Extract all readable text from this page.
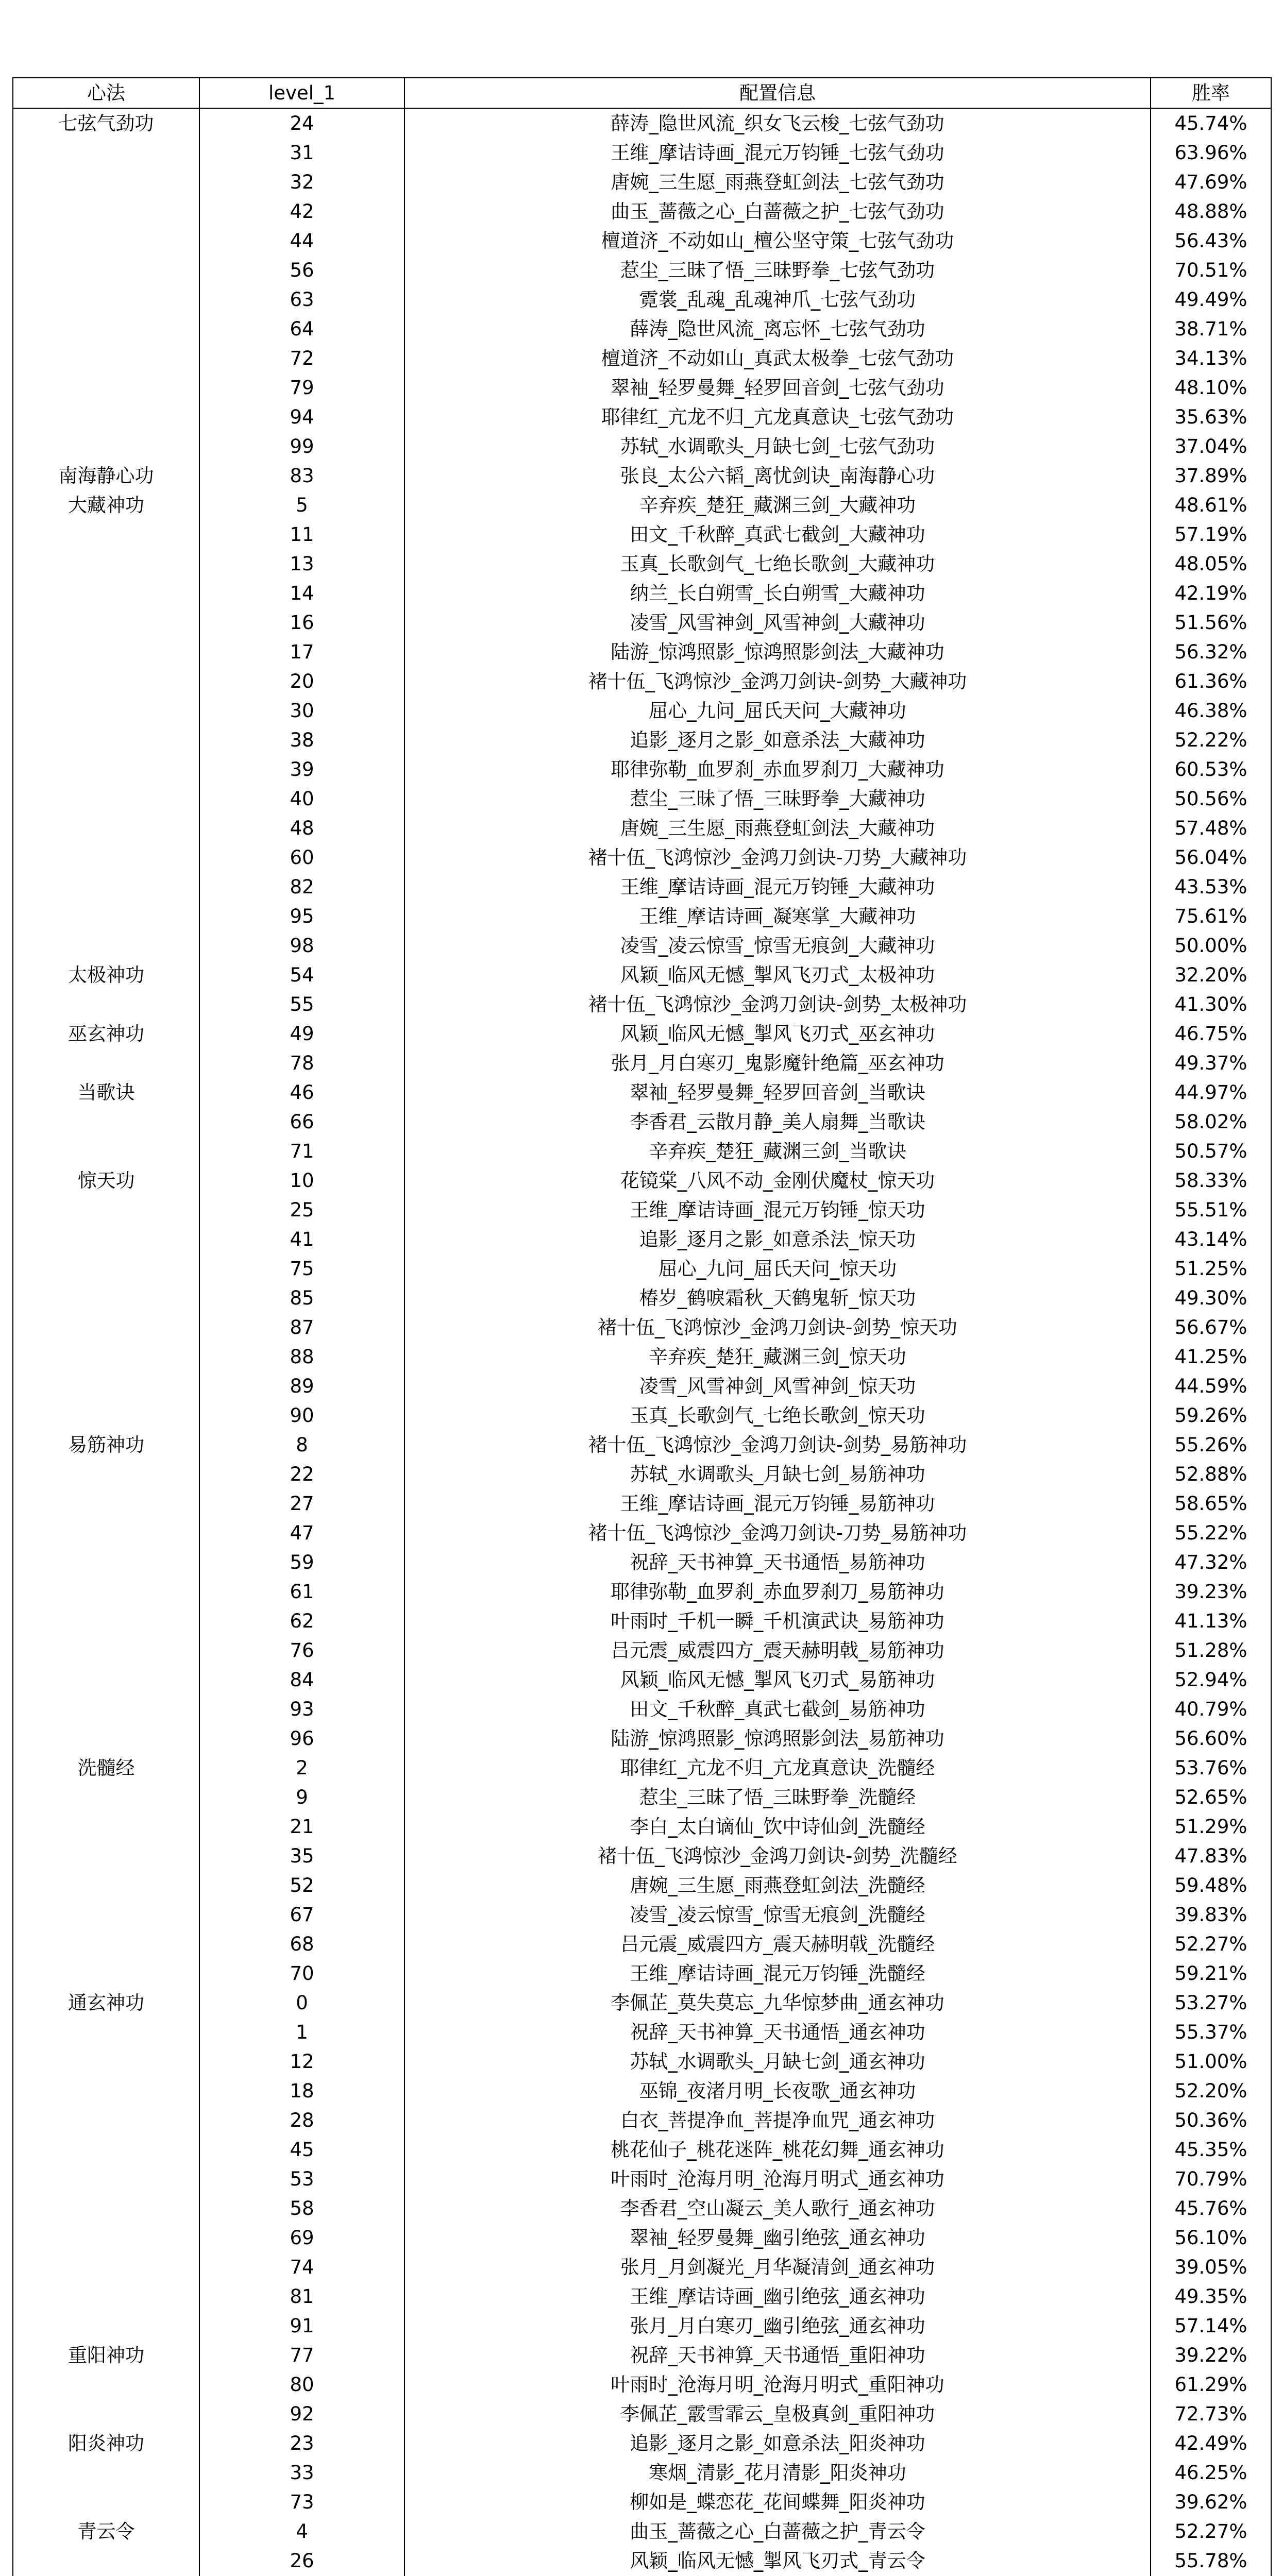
心法	level_1	配置信息	胜率
七弦气劲功	24	薛涛_隐世风流_织女飞云梭_七弦气劲功	45.74%
	31	王维_摩诘诗画_混元万钧锤_七弦气劲功	63.96%
	32	唐婉_三生愿_雨燕登虹剑法_七弦气劲功	47.69%
	42	曲玉_蔷薇之心_白蔷薇之护_七弦气劲功	48.88%
	44	檀道济_不动如山_檀公坚守策_七弦气劲功	56.43%
	56	惹尘_三昧了悟_三昧野拳_七弦气劲功	70.51%
	63	霓裳_乱魂_乱魂神爪_七弦气劲功	49.49%
	64	薛涛_隐世风流_离忘怀_七弦气劲功	38.71%
	72	檀道济_不动如山_真武太极拳_七弦气劲功	34.13%
	79	翠袖_轻罗曼舞_轻罗回音剑_七弦气劲功	48.10%
	94	耶律红_亢龙不归_亢龙真意诀_七弦气劲功	35.63%
	99	苏轼_水调歌头_月缺七剑_七弦气劲功	37.04%
南海静心功	83	张良_太公六韬_离忧剑诀_南海静心功	37.89%
大藏神功	5	辛弃疾_楚狂_藏渊三剑_大藏神功	48.61%
	11	田文_千秋醉_真武七截剑_大藏神功	57.19%
	13	玉真_长歌剑气_七绝长歌剑_大藏神功	48.05%
	14	纳兰_长白朔雪_长白朔雪_大藏神功	42.19%
	16	凌雪_风雪神剑_风雪神剑_大藏神功	51.56%
	17	陆游_惊鸿照影_惊鸿照影剑法_大藏神功	56.32%
	20	褚十伍_飞鸿惊沙_金鸿刀剑诀-剑势_大藏神功	61.36%
	30	屈心_九问_屈氏天问_大藏神功	46.38%
	38	追影_逐月之影_如意杀法_大藏神功	52.22%
	39	耶律弥勒_血罗刹_赤血罗刹刀_大藏神功	60.53%
	40	惹尘_三昧了悟_三昧野拳_大藏神功	50.56%
	48	唐婉_三生愿_雨燕登虹剑法_大藏神功	57.48%
	60	褚十伍_飞鸿惊沙_金鸿刀剑诀-刀势_大藏神功	56.04%
	82	王维_摩诘诗画_混元万钧锤_大藏神功	43.53%
	95	王维_摩诘诗画_凝寒掌_大藏神功	75.61%
	98	凌雪_凌云惊雪_惊雪无痕剑_大藏神功	50.00%
太极神功	54	风颖_临风无憾_掣风飞刃式_太极神功	32.20%
	55	褚十伍_飞鸿惊沙_金鸿刀剑诀-剑势_太极神功	41.30%
巫玄神功	49	风颖_临风无憾_掣风飞刃式_巫玄神功	46.75%
	78	张月_月白寒刃_鬼影魔针绝篇_巫玄神功	49.37%
当歌诀	46	翠袖_轻罗曼舞_轻罗回音剑_当歌诀	44.97%
	66	李香君_云散月静_美人扇舞_当歌诀	58.02%
	71	辛弃疾_楚狂_藏渊三剑_当歌诀	50.57%
惊天功	10	花镜棠_八风不动_金刚伏魔杖_惊天功	58.33%
	25	王维_摩诘诗画_混元万钧锤_惊天功	55.51%
	41	追影_逐月之影_如意杀法_惊天功	43.14%
	75	屈心_九问_屈氏天问_惊天功	51.25%
	85	椿岁_鹤唳霜秋_天鹤鬼斩_惊天功	49.30%
	87	褚十伍_飞鸿惊沙_金鸿刀剑诀-剑势_惊天功	56.67%
	88	辛弃疾_楚狂_藏渊三剑_惊天功	41.25%
	89	凌雪_风雪神剑_风雪神剑_惊天功	44.59%
	90	玉真_长歌剑气_七绝长歌剑_惊天功	59.26%
易筋神功	8	褚十伍_飞鸿惊沙_金鸿刀剑诀-剑势_易筋神功	55.26%
	22	苏轼_水调歌头_月缺七剑_易筋神功	52.88%
	27	王维_摩诘诗画_混元万钧锤_易筋神功	58.65%
	47	褚十伍_飞鸿惊沙_金鸿刀剑诀-刀势_易筋神功	55.22%
	59	祝辞_天书神算_天书通悟_易筋神功	47.32%
	61	耶律弥勒_血罗刹_赤血罗刹刀_易筋神功	39.23%
	62	叶雨时_千机一瞬_千机演武诀_易筋神功	41.13%
	76	吕元震_威震四方_震天赫明戟_易筋神功	51.28%
	84	风颖_临风无憾_掣风飞刃式_易筋神功	52.94%
	93	田文_千秋醉_真武七截剑_易筋神功	40.79%
	96	陆游_惊鸿照影_惊鸿照影剑法_易筋神功	56.60%
洗髓经	2	耶律红_亢龙不归_亢龙真意诀_洗髓经	53.76%
	9	惹尘_三昧了悟_三昧野拳_洗髓经	52.65%
	21	李白_太白谪仙_饮中诗仙剑_洗髓经	51.29%
	35	褚十伍_飞鸿惊沙_金鸿刀剑诀-剑势_洗髓经	47.83%
	52	唐婉_三生愿_雨燕登虹剑法_洗髓经	59.48%
	67	凌雪_凌云惊雪_惊雪无痕剑_洗髓经	39.83%
	68	吕元震_威震四方_震天赫明戟_洗髓经	52.27%
	70	王维_摩诘诗画_混元万钧锤_洗髓经	59.21%
通玄神功	0	李佩芷_莫失莫忘_九华惊梦曲_通玄神功	53.27%
	1	祝辞_天书神算_天书通悟_通玄神功	55.37%
	12	苏轼_水调歌头_月缺七剑_通玄神功	51.00%
	18	巫锦_夜渚月明_长夜歌_通玄神功	52.20%
	28	白衣_菩提净血_菩提净血咒_通玄神功	50.36%
	45	桃花仙子_桃花迷阵_桃花幻舞_通玄神功	45.35%
	53	叶雨时_沧海月明_沧海月明式_通玄神功	70.79%
	58	李香君_空山凝云_美人歌行_通玄神功	45.76%
	69	翠袖_轻罗曼舞_幽引绝弦_通玄神功	56.10%
	74	张月_月剑凝光_月华凝清剑_通玄神功	39.05%
	81	王维_摩诘诗画_幽引绝弦_通玄神功	49.35%
	91	张月_月白寒刃_幽引绝弦_通玄神功	57.14%
重阳神功	77	祝辞_天书神算_天书通悟_重阳神功	39.22%
	80	叶雨时_沧海月明_沧海月明式_重阳神功	61.29%
	92	李佩芷_霰雪霏云_皇极真剑_重阳神功	72.73%
阳炎神功	23	追影_逐月之影_如意杀法_阳炎神功	42.49%
	33	寒烟_清影_花月清影_阳炎神功	46.25%
	73	柳如是_蝶恋花_花间蝶舞_阳炎神功	39.62%
青云令	4	曲玉_蔷薇之心_白蔷薇之护_青云令	52.27%
	26	风颖_临风无憾_掣风飞刃式_青云令	55.78%
